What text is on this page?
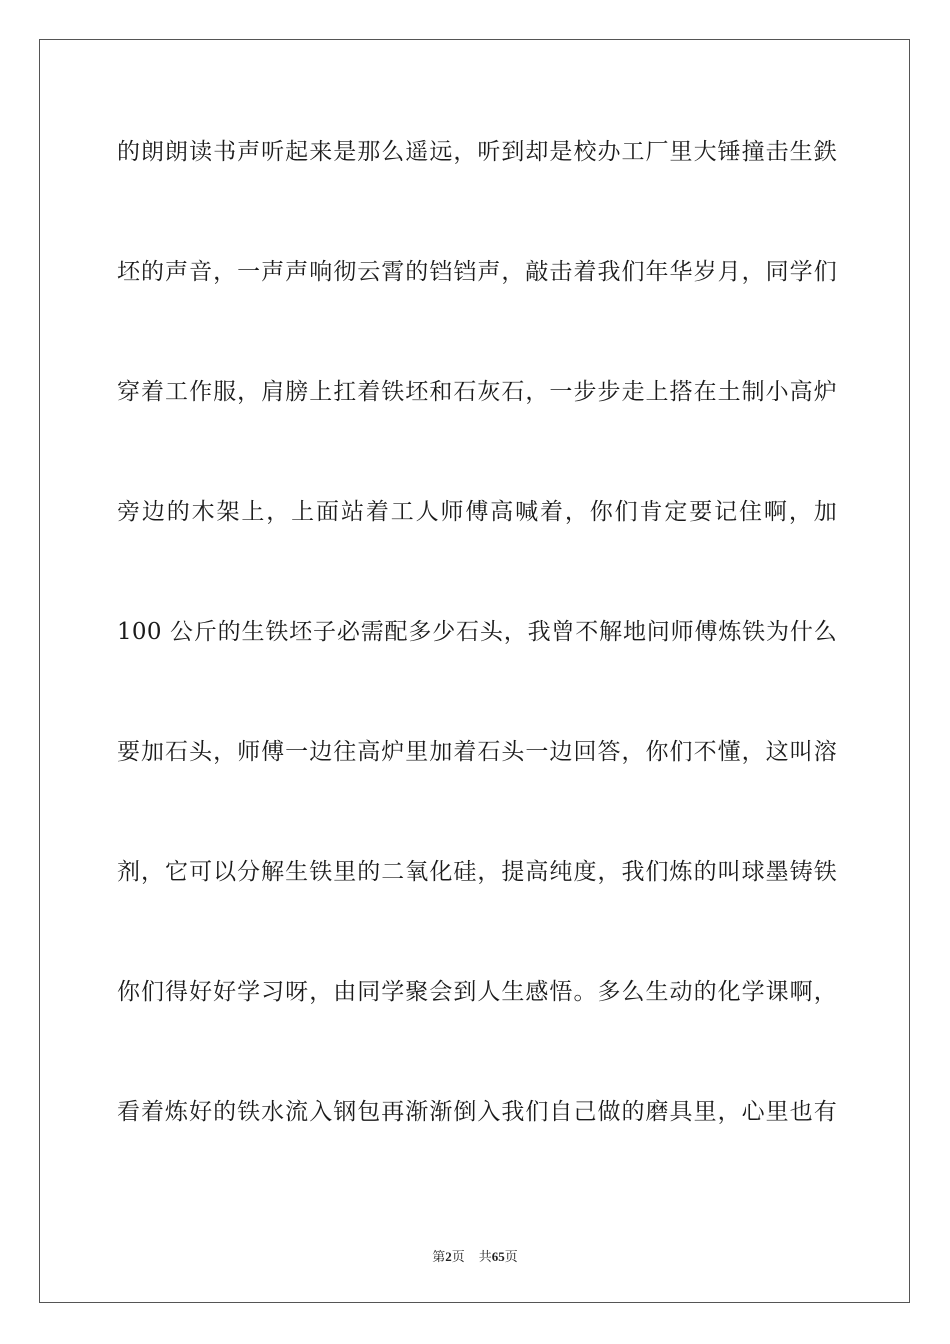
的朗朗读书声听起来是那么遥远，听到却是校办工厂里大锤撞击生鉄
坯的声音，一声声响彻云霄的铛铛声，敲击着我们年华岁月，同学们
穿着工作服，肩膀上扛着铁坯和石灰石，一步步走上搭在土制小高炉
旁边的木架上，上面站着工人师傅高喊着，你们肯定要记住啊，加
100 公斤的生铁坯子必需配多少石头，我曾不解地问师傅炼铁为什么
要加石头，师傅一边往高炉里加着石头一边回答，你们不懂，这叫溶
剂，它可以分解生铁里的二氧化硅，提高纯度，我们炼的叫球墨铸铁
你们得好好学习呀，由同学聚会到人生感悟。多么生动的化学课啊，
看着炼好的铁水流入钢包再渐渐倒入我们自己做的磨具里，心里也有
第2页 共65页
